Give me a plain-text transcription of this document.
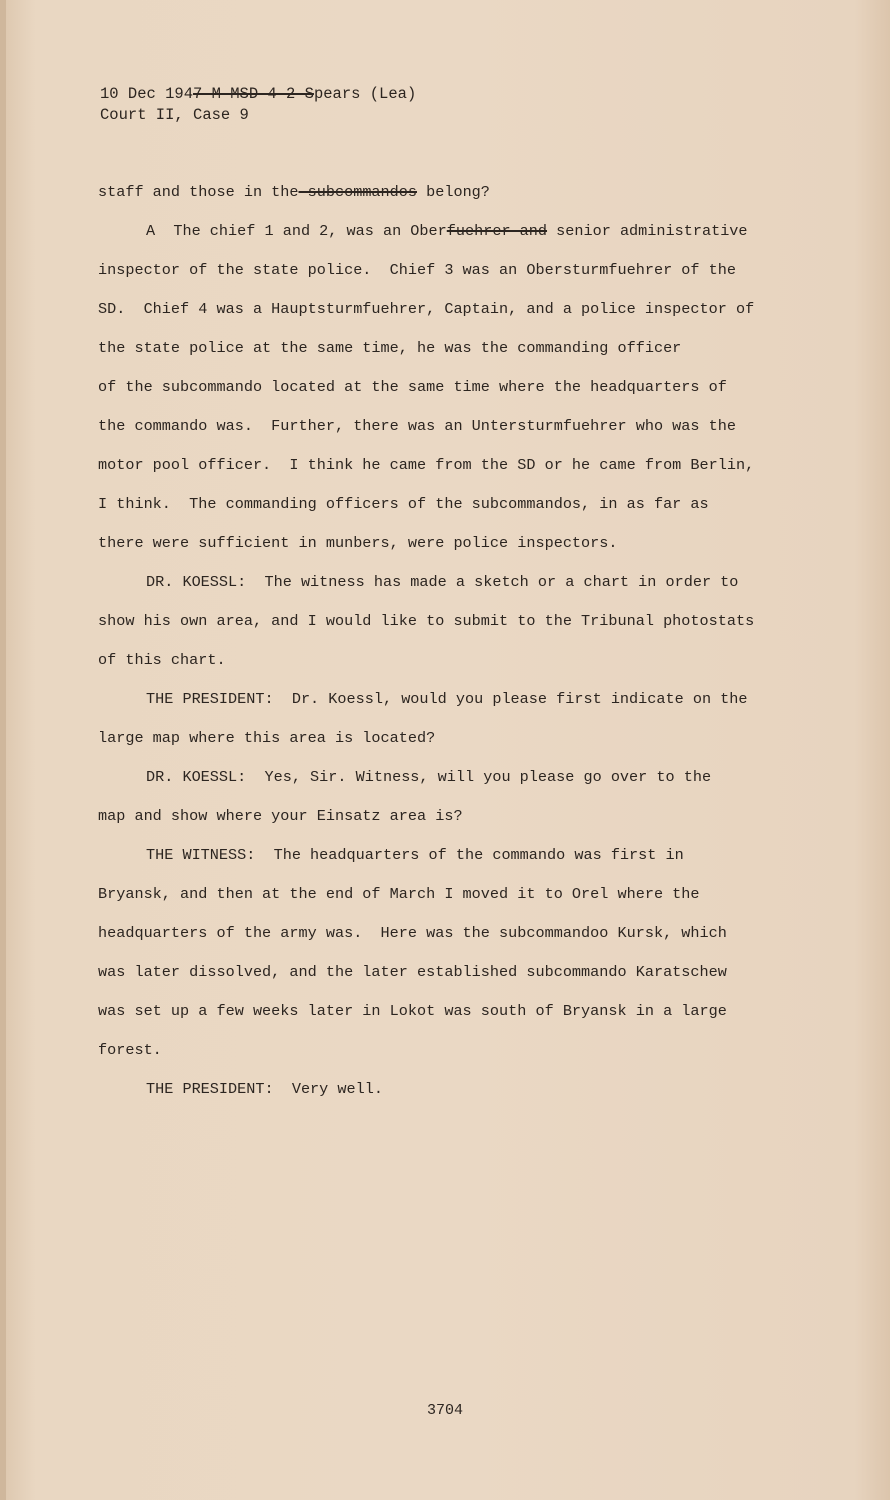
10 Dec 1947 M MSD 4-2 Spears (Lea)
Court II, Case 9
staff and those in the subcommandos belong?
A  The chief 1 and 2, was an Oberfuehrer and senior administrative
inspector of the state police.  Chief 3 was an Obersturmfuehrer of the
SD.  Chief 4 was a Hauptsturmfuehrer, Captain, and a police inspector of
the state police at the same time, he was the commanding officer
of the subcommando located at the same time where the headquarters of
the commando was.  Further, there was an Untersturmfuehrer who was the
motor pool officer.  I think he came from the SD or he came from Berlin,
I think.  The commanding officers of the subcommandos, in as far as
there were sufficient in munbers, were police inspectors.
DR. KOESSL:  The witness has made a sketch or a chart in order to
show his own area, and I would like to submit to the Tribunal photostats
of this chart.
THE PRESIDENT:  Dr. Koessl, would you please first indicate on the
large map where this area is located?
DR. KOESSL:  Yes, Sir. Witness, will you please go over to the
map and show where your Einsatz area is?
THE WITNESS:  The headquarters of the commando was first in
Bryansk, and then at the end of March I moved it to Orel where the
headquarters of the army was.  Here was the subcommandoo Kursk, which
was later dissolved, and the later established subcommando Karatschew
was set up a few weeks later in Lokot was south of Bryansk in a large
forest.
THE PRESIDENT:  Very well.
3704
